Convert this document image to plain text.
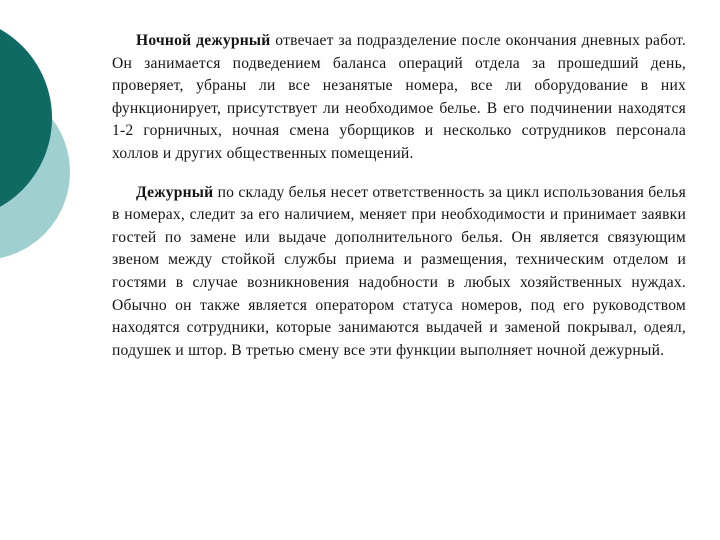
Ночной дежурный отвечает за подразделение после окончания дневных работ. Он занимается подведением баланса операций отдела за прошедший день, проверяет, убраны ли все незанятые номера, все ли оборудование в них функционирует, присутствует ли необходимое белье. В его подчинении находятся 1-2 горничных, ночная смена уборщиков и несколько сотрудников персонала холлов и других общественных помещений.

Дежурный по складу белья несет ответственность за цикл использования белья в номерах, следит за его наличием, меняет при необходимости и принимает заявки гостей по замене или выдаче дополнительного белья. Он является связующим звеном между стойкой службы приема и размещения, техническим отделом и гостями в случае возникновения надобности в любых хозяйственных нуждах. Обычно он также является оператором статуса номеров, под его руководством находятся сотрудники, которые занимаются выдачей и заменой покрывал, одеял, подушек и штор. В третью смену все эти функции выполняет ночной дежурный.
